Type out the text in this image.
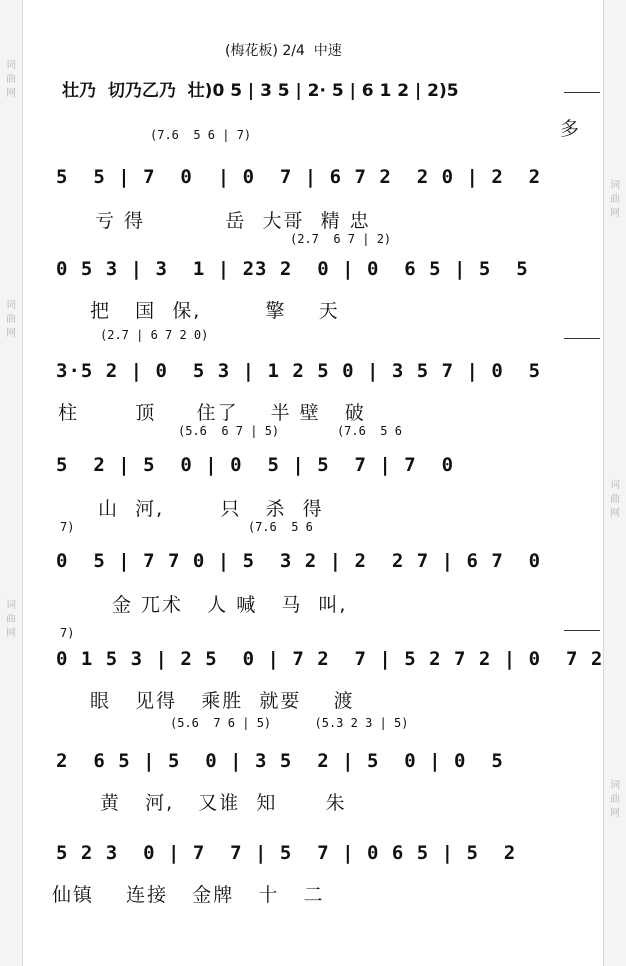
词
曲
网
词
曲
网
词
曲
网
词
曲
网
词
曲
网
词
曲
网
(梅花板) 2/4  中速
壮乃  切乃乙乃  壮)0 5 | 3 5 | 2· 5 | 6 1 2 | 2)5
(7.6  5 6 | 7)	多
5  5 | 7  0  | 0  7 | 6 7 2  2 0 | 2  2
亏 得          岳  大哥  精 忠
(2.7  6 7 | 2)
0 5 3 | 3  1 | 23 2  0 | 0  6 5 | 5  5
把   国  保,        擎    天
(2.7 | 6 7 2 0)
3·5 2 | 0  5 3 | 1 2 5 0 | 3 5 7 | 0  5
柱       顶     住了    半 壁   破
(5.6  6 7 | 5)        (7.6  5 6
5  2 | 5  0 | 0  5 | 5  7 | 7  0
山  河,       只   杀  得
7)                        (7.6  5 6
0  5 | 7 7 0 | 5  3 2 | 2  2 7 | 6 7  0
金 兀术   人 喊   马  叫,
7)
0 1 5 3 | 2 5  0 | 7 2  7 | 5 2 7 2 | 0  7 2
眼   见得   乘胜  就要    渡
(5.6  7 6 | 5)      (5.3 2 3 | 5)
2  6 5 | 5  0 | 3 5  2 | 5  0 | 0  5
黄   河,   又谁  知      朱
5 2 3  0 | 7  7 | 5  7 | 0 6 5 | 5  2
仙镇    连接   金牌   十   二
